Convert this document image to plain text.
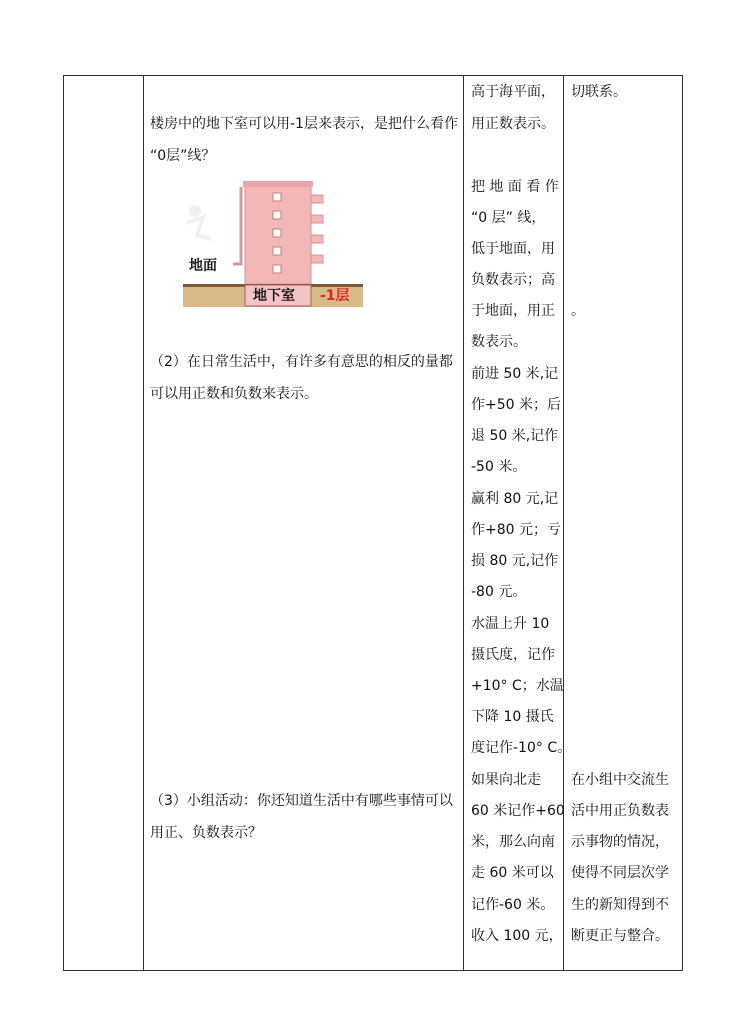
楼房中的地下室可以用-1层来表示，是把什么看作
“0层”线？
地面
地下室 -1层
（2）在日常生活中，有许多有意思的相反的量都
可以用正数和负数来表示。
（3）小组活动：你还知道生活中有哪些事情可以
用正、负数表示？
高于海平面，
用正数表示。
把 地 面 看 作
“0 层” 线，
低于地面，用
负数表示；高
于地面，用正
数表示。
前进 50 米,记
作+50 米；后
退 50 米,记作
-50 米。
赢利 80 元,记
作+80 元；亏
损 80 元,记作
-80 元。
水温上升 10
摄氏度，记作
+10° C；水温
下降 10 摄氏
度记作-10° C。
如果向北走
60 米记作+60
米，那么向南
走 60 米可以
记作-60 米。
收入 100 元，
切联系。
。
在小组中交流生
活中用正负数表
示事物的情况，
使得不同层次学
生的新知得到不
断更正与整合。
